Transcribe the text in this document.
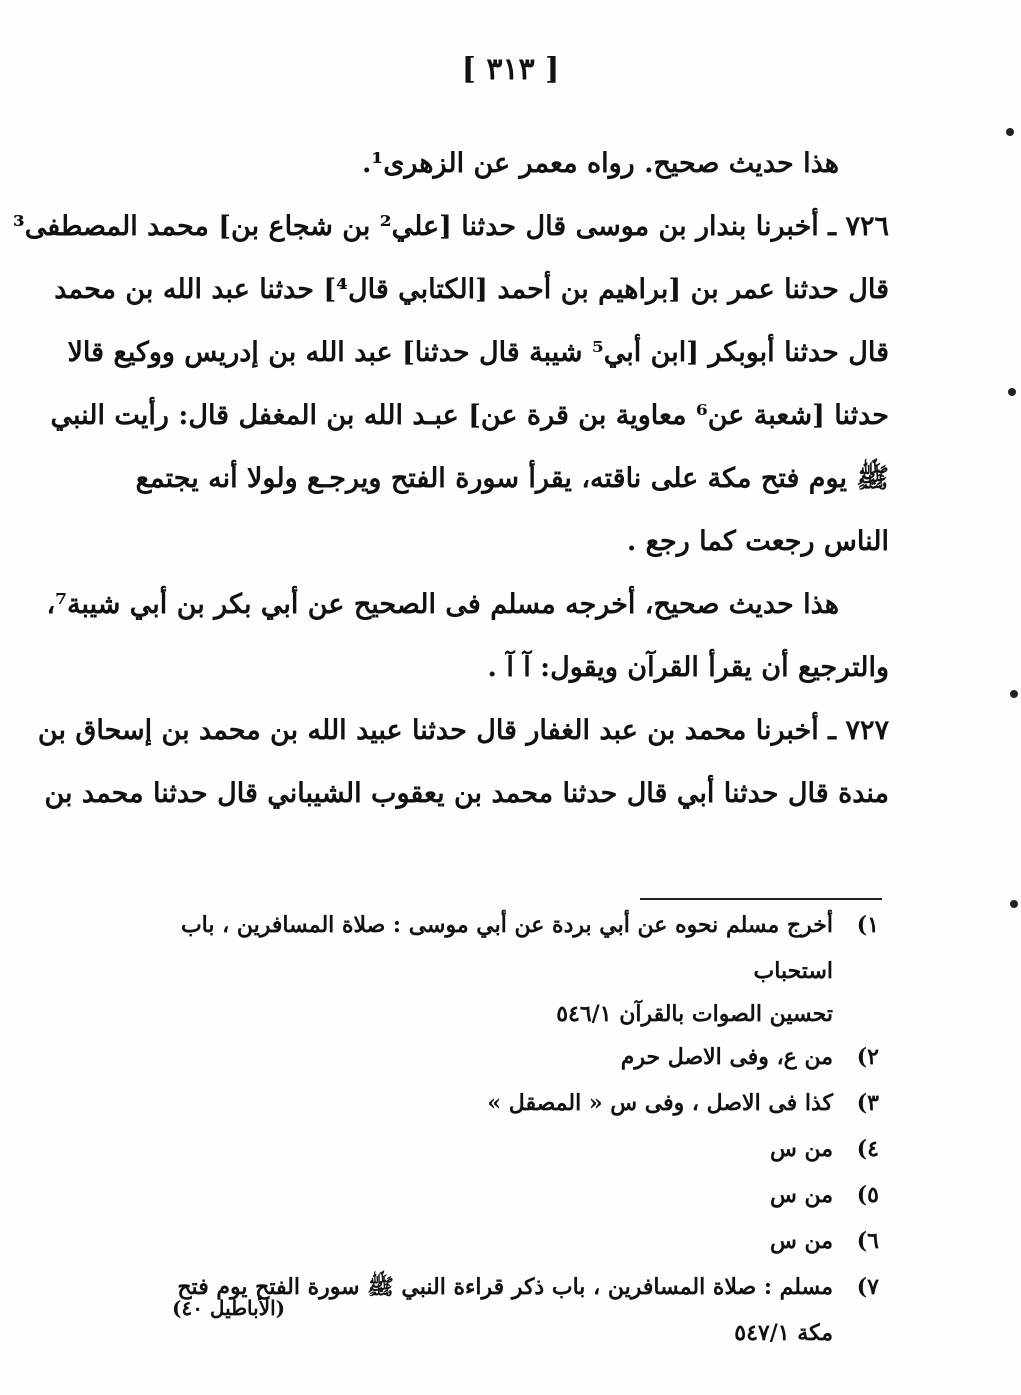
[ ٣١٣ ]
هذا حديث صحيح. رواه معمر عن الزهرى¹.
٧٢٦ ـ أخبرنا بندار بن موسى قال حدثنا [علي² بن شجاع بن] محمد المصطفى³
قال حدثنا عمر بن [براهيم بن أحمد [الكتابي قال⁴] حدثنا عبد الله بن محمد
قال حدثنا أبوبكر [ابن أبي⁵ شيبة قال حدثنا] عبد الله بن إدريس ووكيع قالا
حدثنا [شعبة عن⁶ معاوية بن قرة عن] عبـد الله بن المغفل قال: رأيت النبي
ﷺ يوم فتح مكة على ناقته، يقرأ سورة الفتح ويرجـع ولولا أنه يجتمع
الناس رجعت كما رجع .
هذا حديث صحيح، أخرجه مسلم فى الصحيح عن أبي بكر بن أبي شيبة⁷،
والترجيع أن يقرأ القرآن ويقول: آ آ .
٧٢٧ ـ أخبرنا محمد بن عبد الغفار قال حدثنا عبيد الله بن محمد بن إسحاق بن
مندة قال حدثنا أبي قال حدثنا محمد بن يعقوب الشيباني قال حدثنا محمد بن
١)
أخرج مسلم نحوه عن أبي بردة عن أبي موسى : صلاة المسافرين ، باب استحباب
تحسين الصوات بالقرآن ٥٤٦/١
٢)
من ع، وفى الاصل حرم
٣)
كذا فى الاصل ، وفى س « المصقل »
٤)
من س
٥)
من س
٦)
من س
٧)
مسلم : صلاة المسافرين ، باب ذكر قراءة النبي ﷺ سورة الفتح يوم فتح مكة ٥٤٧/١
(الأباطيل ٤٠)
